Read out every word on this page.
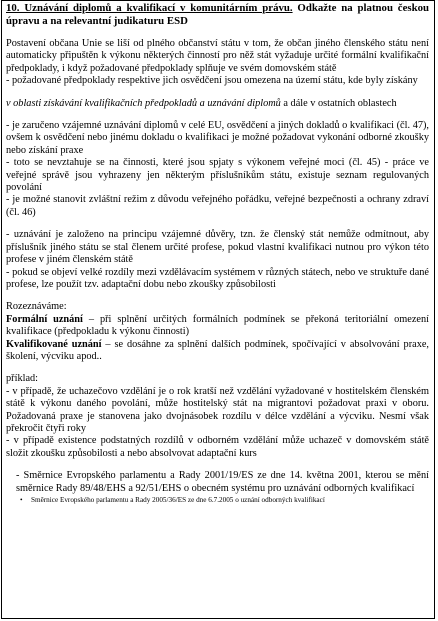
10. Uznávání diplomů a kvalifikací v komunitárním právu. Odkažte na platnou českou úpravu a na relevantní judikaturu ESD

Postavení občana Unie se liší od plného občanství státu v tom, že občan jiného členského státu není automaticky připuštěn k výkonu některých činností pro něž stát vyžaduje určité formální kvalifikační předpoklady, i když požadované předpoklady splňuje ve svém domovském státě

- požadované předpoklady respektive jich osvědčení jsou omezena na území státu, kde byly získány

v oblasti získávání kvalifikačních předpokladů a uznávání diplomů a dále v ostatních oblastech

- je zaručeno vzájemné uznávání diplomů v celé EU, osvědčení a jiných dokladů o kvalifikaci (čl. 47), ovšem k osvědčení nebo jinému dokladu o kvalifikaci je možné požadovat vykonání odborné zkoušky nebo získání praxe

- toto se nevztahuje se na činnosti, které jsou spjaty s výkonem veřejné moci (čl. 45) - práce ve veřejné správě jsou vyhrazeny jen některým příslušníkům státu, existuje seznam regulovaných povolání

- je možné stanovit zvláštní režim z důvodu veřejného pořádku, veřejné bezpečnosti a ochrany zdraví (čl. 46)

- uznávání je založeno na principu vzájemné důvěry, tzn. že členský stát nemůže odmítnout, aby příslušník jiného státu se stal členem určité profese, pokud vlastní kvalifikaci nutnou pro výkon této profese v jiném členském státě

- pokud se objeví velké rozdíly mezi vzdělávacím systémem v různých státech, nebo ve struktuře dané profese, lze použít tzv. adaptační dobu nebo zkoušky způsobilosti

Rozeznáváme:

Formální uznání – při splnění určitých formálních podmínek se překoná teritoriální omezení kvalifikace (předpokladu k výkonu činnosti)

Kvalifikované uznání – se dosáhne za splnění dalších podmínek, spočívající v absolvování praxe, školení, výcviku apod..

příklad:

- v případě, že uchazečovo vzdělání je o rok kratší než vzdělání vyžadované v hostitelském členském státě k výkonu daného povolání, může hostitelský stát na migrantovi požadovat praxi v oboru. Požadovaná praxe je stanovena jako dvojnásobek rozdílu v délce vzdělání a výcviku. Nesmí však překročit čtyři roky

- v případě existence podstatných rozdílů v odborném vzdělání může uchazeč v domovském státě složit zkoušku způsobilosti a nebo absolvovat adaptační kurs

- Směrnice Evropského parlamentu a Rady 2001/19/ES ze dne 14. května 2001, kterou se mění směrnice Rady 89/48/EHS a 92/51/EHS o obecném systému pro uznávání odborných kvalifikací

• Směrnice Evropského parlamentu a Rady 2005/36/ES ze dne 6.7.2005 o uznání odborných kvalifikací
